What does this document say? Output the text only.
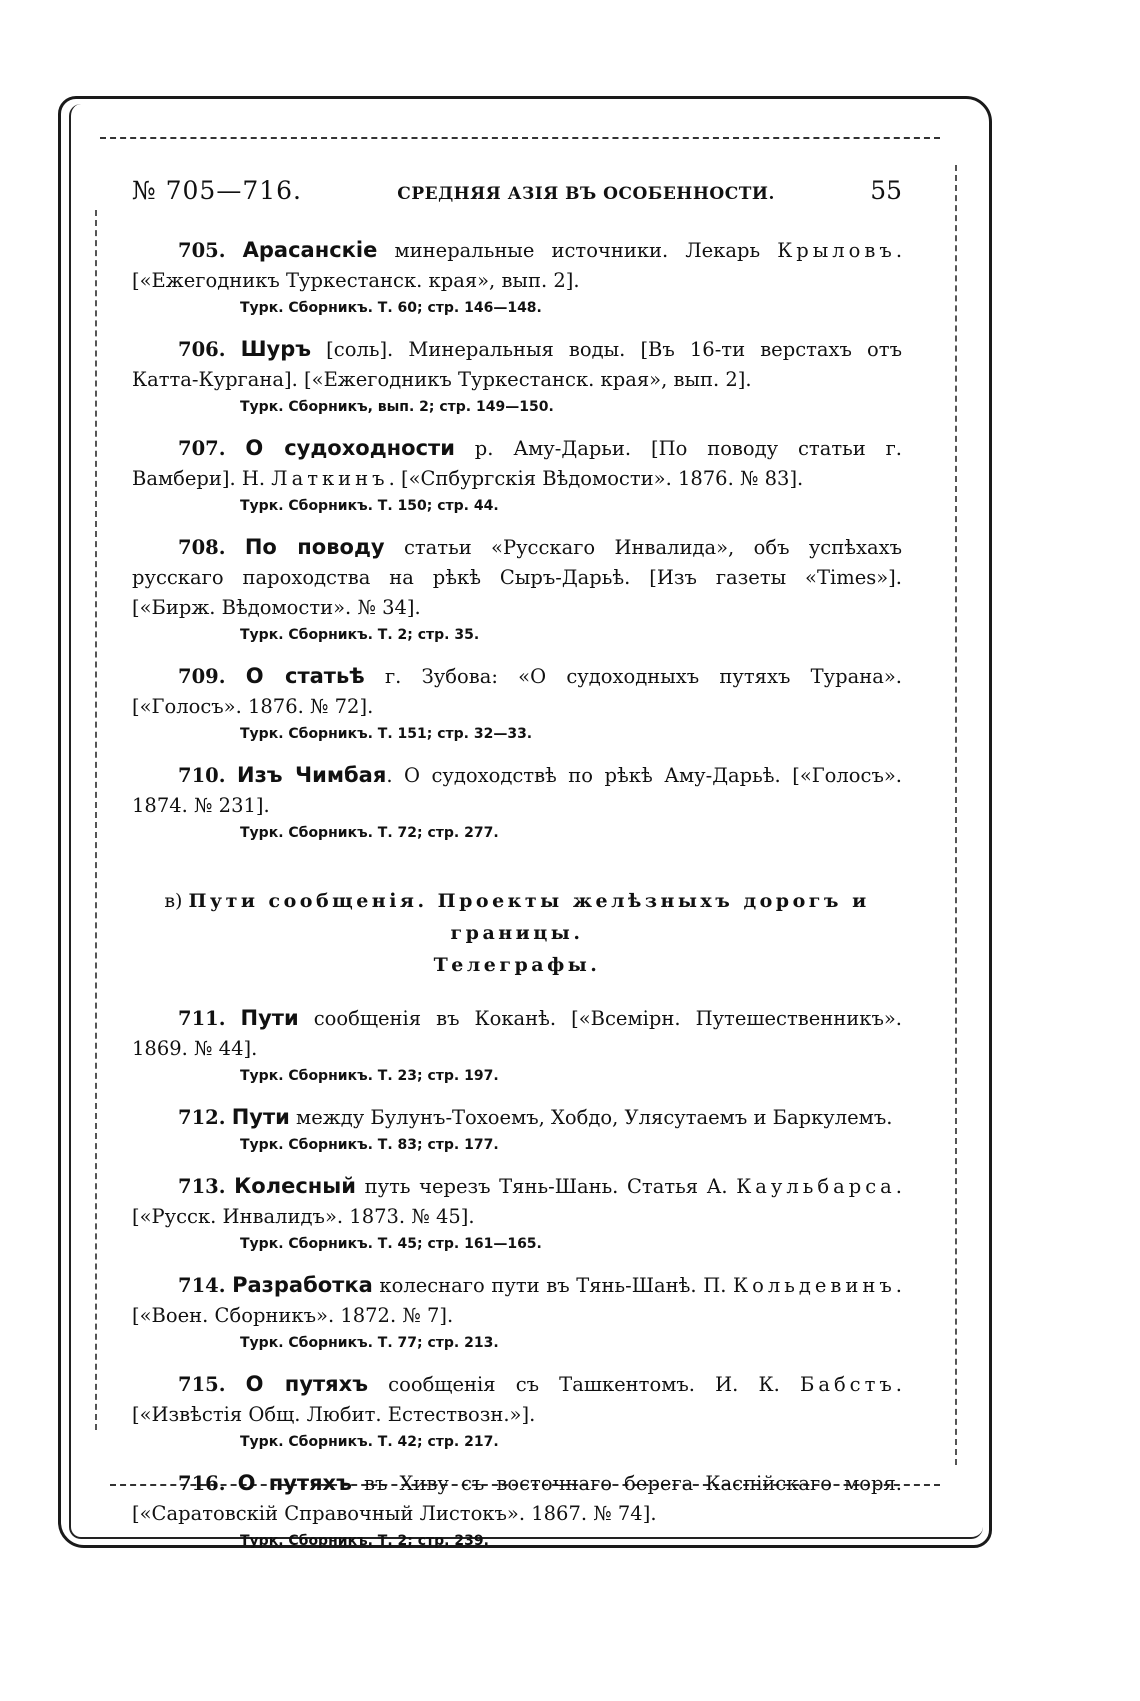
№ 705—716.	СРЕДНЯЯ АЗІЯ ВЪ ОСОБЕННОСТИ.	55
705. Арасанскіе минеральные источники. Лекарь Крыловъ. [«Ежегодникъ Туркестанск. края», вып. 2].
Турк. Сборникъ. Т. 60; стр. 146—148.
706. Шуръ [соль]. Минеральныя воды. [Въ 16-ти верстахъ отъ Катта-Кургана]. [«Ежегодникъ Туркестанск. края», вып. 2].
Турк. Сборникъ, вып. 2; стр. 149—150.
707. О судоходности р. Аму-Дарьи. [По поводу статьи г. Вамбери]. Н. Латкинъ. [«Спбургскія Вѣдомости». 1876. № 83].
Турк. Сборникъ. Т. 150; стр. 44.
708. По поводу статьи «Русскаго Инвалида», объ успѣхахъ русскаго пароходства на рѣкѣ Сыръ-Дарьѣ. [Изъ газеты «Times»]. [«Бирж. Вѣдомости». № 34].
Турк. Сборникъ. Т. 2; стр. 35.
709. О статьѣ г. Зубова: «О судоходныхъ путяхъ Турана». [«Голосъ». 1876. № 72].
Турк. Сборникъ. Т. 151; стр. 32—33.
710. Изъ Чимбая. О судоходствѣ по рѣкѣ Аму-Дарьѣ. [«Голосъ». 1874. № 231].
Турк. Сборникъ. Т. 72; стр. 277.
в) Пути сообщенія. Проекты желѣзныхъ дорогъ и границы.
Телеграфы.
711. Пути сообщенія въ Коканѣ. [«Всемірн. Путешественникъ». 1869. № 44].
Турк. Сборникъ. Т. 23; стр. 197.
712. Пути между Булунъ-Тохоемъ, Хобдо, Улясутаемъ и Баркулемъ.
Турк. Сборникъ. Т. 83; стр. 177.
713. Колесный путь черезъ Тянь-Шань. Статья А. Каульбарса. [«Русск. Инвалидъ». 1873. № 45].
Турк. Сборникъ. Т. 45; стр. 161—165.
714. Разработка колеснаго пути въ Тянь-Шанѣ. П. Кольдевинъ. [«Воен. Сборникъ». 1872. № 7].
Турк. Сборникъ. Т. 77; стр. 213.
715. О путяхъ сообщенія съ Ташкентомъ. И. К. Бабстъ. [«Извѣстія Общ. Любит. Естествозн.»].
Турк. Сборникъ. Т. 42; стр. 217.
716. О путяхъ въ Хиву съ восточнаго берега Каспійскаго моря. [«Саратовскій Справочный Листокъ». 1867. № 74].
Турк. Сборникъ. Т. 2; стр. 239.
